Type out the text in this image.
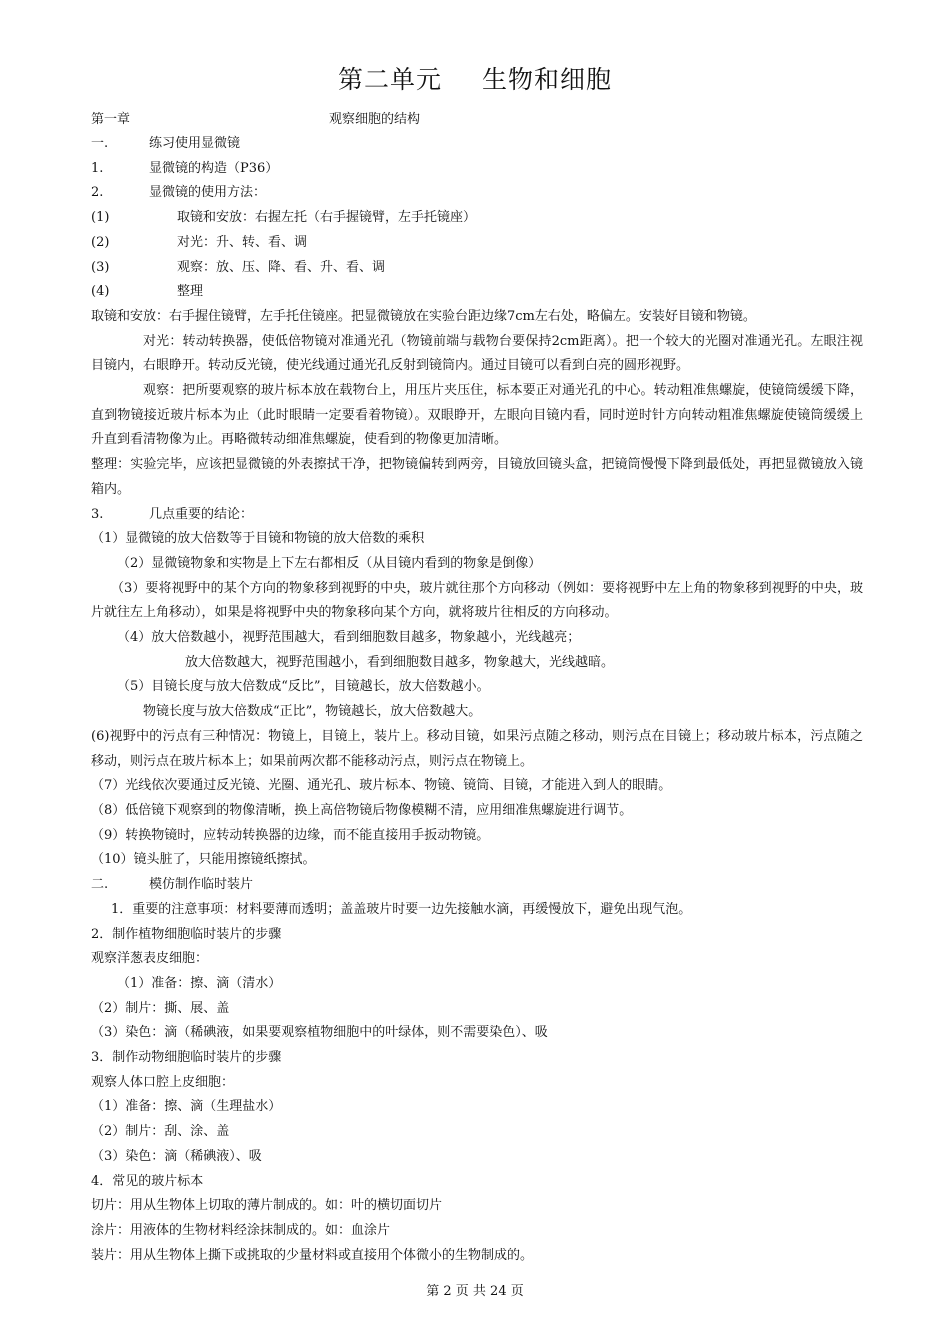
第二单元 生物和细胞
第一章	观察细胞的结构
一.	练习使用显微镜
1.	显微镜的构造（P36）
2.	显微镜的使用方法：
(1)	取镜和安放：右握左托（右手握镜臂，左手托镜座）
(2)	对光：升、转、看、调
(3)	观察：放、压、降、看、升、看、调
(4)	整理
取镜和安放：右手握住镜臂，左手托住镜座。把显微镜放在实验台距边缘7cm左右处，略偏左。安装好目镜和物镜。
对光：转动转换器，使低倍物镜对准通光孔（物镜前端与载物台要保持2cm距离）。把一个较大的光圈对准通光孔。左眼注视目镜内，右眼睁开。转动反光镜，使光线通过通光孔反射到镜筒内。通过目镜可以看到白亮的圆形视野。
观察：把所要观察的玻片标本放在载物台上，用压片夹压住，标本要正对通光孔的中心。转动粗准焦螺旋，使镜筒缓缓下降，直到物镜接近玻片标本为止（此时眼睛一定要看着物镜）。双眼睁开，左眼向目镜内看，同时逆时针方向转动粗准焦螺旋使镜筒缓缓上升直到看清物像为止。再略微转动细准焦螺旋，使看到的物像更加清晰。
整理：实验完毕，应该把显微镜的外表擦拭干净，把物镜偏转到两旁，目镜放回镜头盒，把镜筒慢慢下降到最低处，再把显微镜放入镜箱内。
3.	几点重要的结论：
（1）显微镜的放大倍数等于目镜和物镜的放大倍数的乘积
（2）显微镜物象和实物是上下左右都相反（从目镜内看到的物象是倒像）
（3）要将视野中的某个方向的物象移到视野的中央，玻片就往那个方向移动（例如：要将视野中左上角的物象移到视野的中央，玻片就往左上角移动），如果是将视野中央的物象移向某个方向，就将玻片往相反的方向移动。
（4）放大倍数越小，视野范围越大，看到细胞数目越多，物象越小，光线越亮；
放大倍数越大，视野范围越小，看到细胞数目越多，物象越大，光线越暗。
（5）目镜长度与放大倍数成“反比”，目镜越长，放大倍数越小。
物镜长度与放大倍数成“正比”，物镜越长，放大倍数越大。
(6)视野中的污点有三种情况：物镜上，目镜上，装片上。移动目镜，如果污点随之移动，则污点在目镜上；移动玻片标本，污点随之移动，则污点在玻片标本上；如果前两次都不能移动污点，则污点在物镜上。
（7）光线依次要通过反光镜、光圈、通光孔、玻片标本、物镜、镜筒、目镜，才能进入到人的眼睛。
（8）低倍镜下观察到的物像清晰，换上高倍物镜后物像模糊不清，应用细准焦螺旋进行调节。
（9）转换物镜时，应转动转换器的边缘，而不能直接用手扳动物镜。
（10）镜头脏了，只能用擦镜纸擦拭。
二.	模仿制作临时装片
1．重要的注意事项：材料要薄而透明；盖盖玻片时要一边先接触水滴，再缓慢放下，避免出现气泡。
2．制作植物细胞临时装片的步骤
观察洋葱表皮细胞：
（1）准备：擦、滴（清水）
（2）制片：撕、展、盖
（3）染色：滴（稀碘液，如果要观察植物细胞中的叶绿体，则不需要染色）、吸
3．制作动物细胞临时装片的步骤
观察人体口腔上皮细胞：
（1）准备：擦、滴（生理盐水）
（2）制片：刮、涂、盖
（3）染色：滴（稀碘液）、吸
4．常见的玻片标本
切片：用从生物体上切取的薄片制成的。如：叶的横切面切片
涂片：用液体的生物材料经涂抹制成的。如：血涂片
装片：用从生物体上撕下或挑取的少量材料或直接用个体微小的生物制成的。
第 2 页 共 24 页
